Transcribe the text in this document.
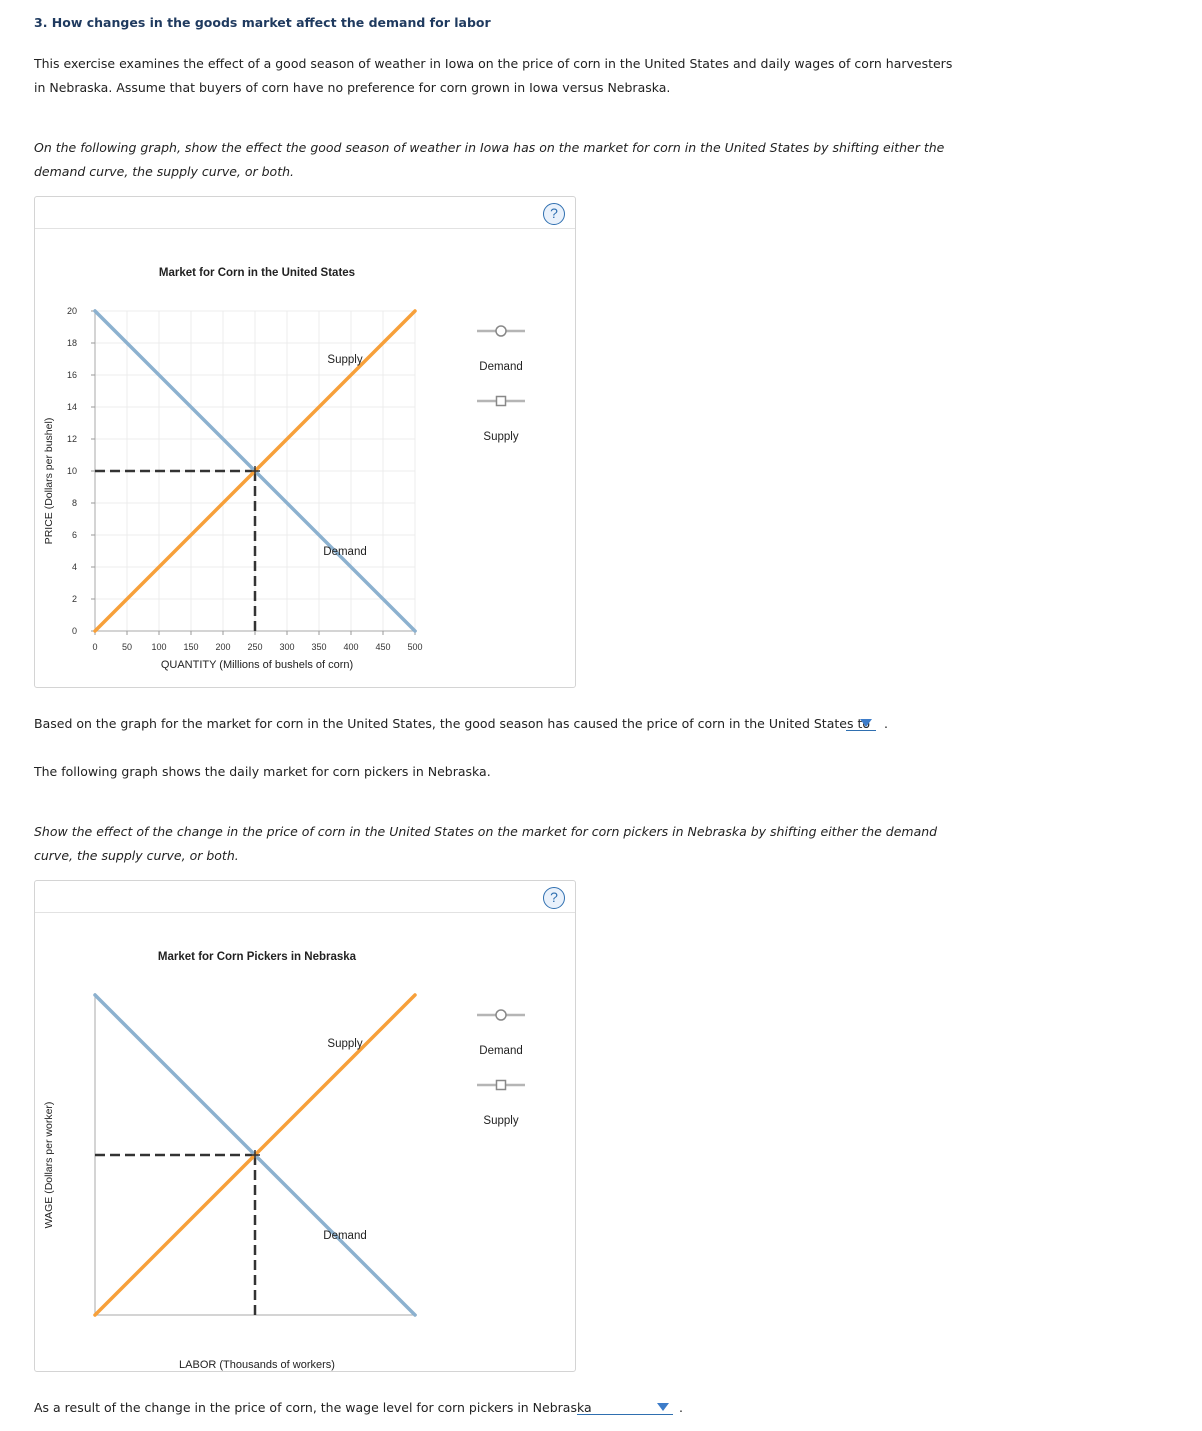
3. How changes in the goods market affect the demand for labor
This exercise examines the effect of a good season of weather in Iowa on the price of corn in the United States and daily wages of corn harvesters in Nebraska. Assume that buyers of corn have no preference for corn grown in Iowa versus Nebraska.
On the following graph, show the effect the good season of weather in Iowa has on the market for corn in the United States by shifting either the demand curve, the supply curve, or both.
?
Market for Corn in the United States
0
2
4
6
8
10
12
14
16
18
20
0	50 100 150 200 250 300 350 400 450 500
QUANTITY (Millions of bushels of corn)
PRICE (Dollars per bushel)
Demand
Supply
Demand
Supply
Based on the graph for the market for corn in the United States, the good season has caused the price of corn in the United States to .
The following graph shows the daily market for corn pickers in Nebraska.
Show the effect of the change in the price of corn in the United States on the market for corn pickers in Nebraska by shifting either the demand curve, the supply curve, or both.
?
Market for Corn Pickers in Nebraska
LABOR (Thousands of workers)
WAGE (Dollars per worker)
Demand
Supply
Demand
Supply
As a result of the change in the price of corn, the wage level for corn pickers in Nebraska	.
